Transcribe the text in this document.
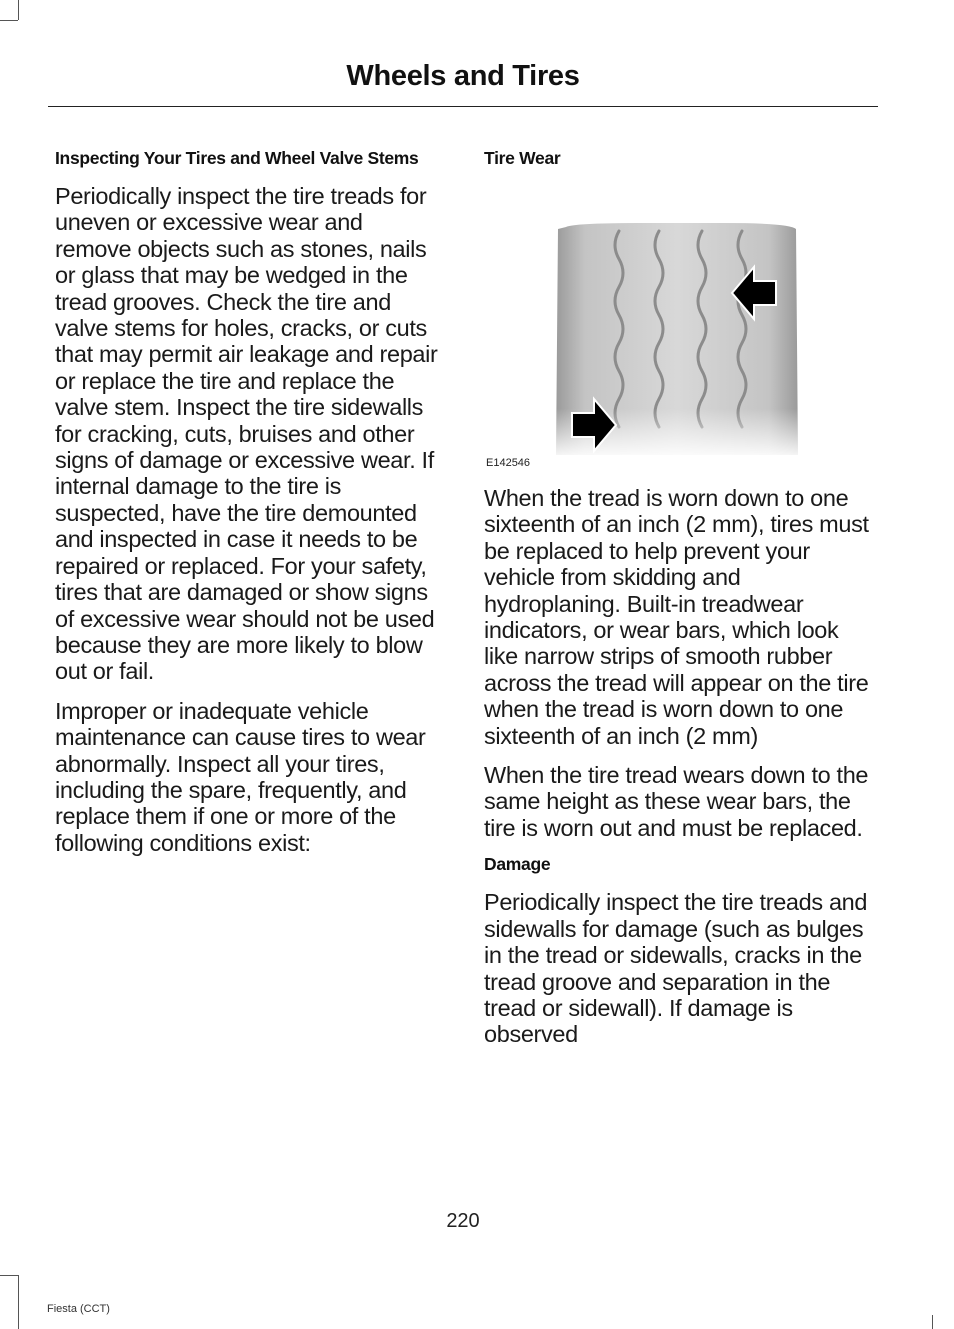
Wheels and Tires
Inspecting Your Tires and Wheel Valve Stems

Periodically inspect the tire treads for uneven or excessive wear and remove objects such as stones, nails or glass that may be wedged in the tread grooves. Check the tire and valve stems for holes, cracks, or cuts that may permit air leakage and repair or replace the tire and replace the valve stem. Inspect the tire sidewalls for cracking, cuts, bruises and other signs of damage or excessive wear. If internal damage to the tire is suspected, have the tire demounted and inspected in case it needs to be repaired or replaced. For your safety, tires that are damaged or show signs of excessive wear should not be used because they are more likely to blow out or fail.

Improper or inadequate vehicle maintenance can cause tires to wear abnormally. Inspect all your tires, including the spare, frequently, and replace them if one or more of the following conditions exist:

Tire Wear
E142546

When the tread is worn down to one sixteenth of an inch (2 mm), tires must be replaced to help prevent your vehicle from skidding and hydroplaning. Built-in treadwear indicators, or wear bars, which look like narrow strips of smooth rubber across the tread will appear on the tire when the tread is worn down to one sixteenth of an inch (2 mm)

When the tire tread wears down to the same height as these wear bars, the tire is worn out and must be replaced.

Damage

Periodically inspect the tire treads and sidewalls for damage (such as bulges in the tread or sidewalls, cracks in the tread groove and separation in the tread or sidewall). If damage is observed

220
Fiesta (CCT)
